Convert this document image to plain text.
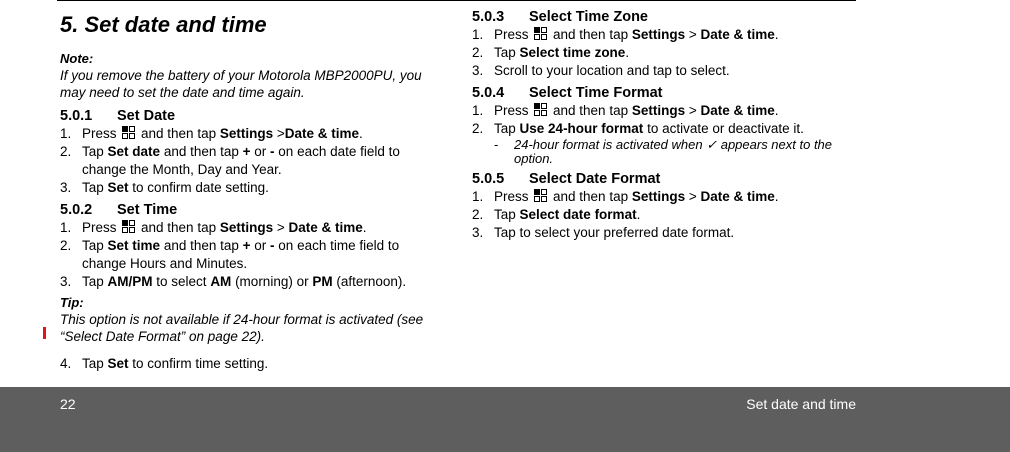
5. Set date and time
Note:
If you remove the battery of your Motorola MBP2000PU, you may need to set the date and time again.
5.0.1	Set Date
1. Press
and then tap Settings >Date & time.
2. Tap Set date and then tap + or - on each date field to change the Month, Day and Year.
3. Tap Set to confirm date setting.
5.0.2	Set Time
1. Press
and then tap Settings > Date & time.
2. Tap Set time and then tap + or - on each time field to change Hours and Minutes.
3. Tap AM/PM to select AM (morning) or PM (afternoon).
Tip:
This option is not available if 24-hour format is activated (see “Select Date Format” on page 22).
4. Tap Set to confirm time setting.
5.0.3	Select Time Zone
1. Press
and then tap Settings > Date & time.
2. Tap Select time zone.
3. Scroll to your location and tap to select.
5.0.4	Select Time Format
1. Press
and then tap Settings > Date & time.
2. Tap Use 24-hour format to activate or deactivate it.
-	24-hour format is activated when ✓ appears next to the option.
5.0.5	Select Date Format
1. Press
and then tap Settings > Date & time.
2. Tap Select date format.
3. Tap to select your preferred date format.
22	Set date and time
